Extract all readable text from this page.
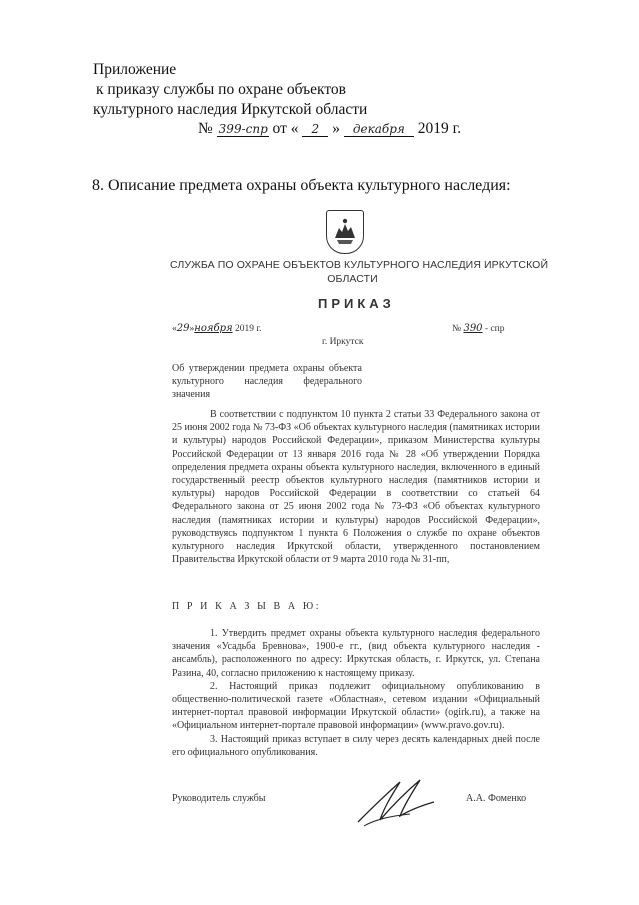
Приложение
к приказу службы по охране объектов
культурного наследия Иркутской области
№ 399-спр от « 2 » декабря 2019 г.
8. Описание предмета охраны объекта культурного наследия:
СЛУЖБА ПО ОХРАНЕ ОБЪЕКТОВ КУЛЬТУРНОГО НАСЛЕДИЯ ИРКУТСКОЙ
ОБЛАСТИ
ПРИКАЗ
«29»ноября 2019 г.	№ 390 - спр
г. Иркутск
Об утверждении предмета охраны объекта культурного наследия федерального значения

В соответствии с подпунктом 10 пункта 2 статьи 33 Федерального закона от 25 июня 2002 года № 73-ФЗ «Об объектах культурного наследия (памятниках истории и культуры) народов Российской Федерации», приказом Министерства культуры Российской Федерации от 13 января 2016 года № 28 «Об утверждении Порядка определения предмета охраны объекта культурного наследия, включенного в единый государственный реестр объектов культурного наследия (памятников истории и культуры) народов Российской Федерации в соответствии со статьей 64 Федерального закона от 25 июня 2002 года № 73-ФЗ «Об объектах культурного наследия (памятниках истории и культуры) народов Российской Федерации», руководствуясь подпунктом 1 пункта 6 Положения о службе по охране объектов культурного наследия Иркутской области, утвержденного постановлением Правительства Иркутской области от 9 марта 2010 года № 31-пп,

П Р И К А З Ы В А Ю:

1. Утвердить предмет охраны объекта культурного наследия федерального значения «Усадьба Бревнова», 1900-е гг., (вид объекта культурного наследия - ансамбль), расположенного по адресу: Иркутская область, г. Иркутск, ул. Степана Разина, 40, согласно приложению к настоящему приказу.

2. Настоящий приказ подлежит официальному опубликованию в общественно-политической газете «Областная», сетевом издании «Официальный интернет-портал правовой информации Иркутской области» (ogirk.ru), а также на «Официальном интернет-портале правовой информации» (www.pravo.gov.ru).

3. Настоящий приказ вступает в силу через десять календарных дней после его официального опубликования.

Руководитель службы	А.А. Фоменко
